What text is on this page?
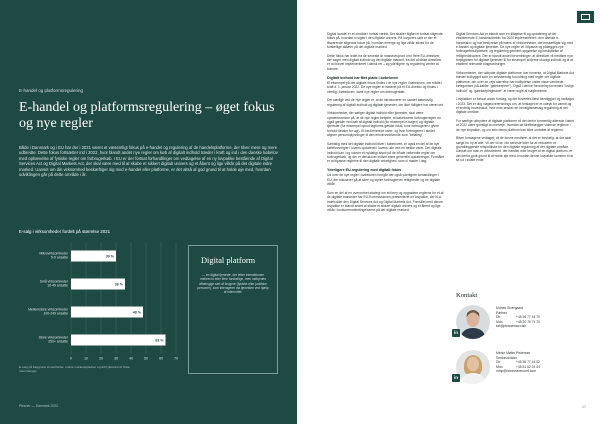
E-handel og platformsregulering
E-handel og platformsregulering – øget fokus og nye regler

Både i Danmark og i EU har der i 2021 været et væsentligt fokus på e-handel og regulering af de handelsplatforme, der tilver mere og mere udbredte. Dette fokus fortsætter ind i 2022, hvor blandt andet nye regler om køb af digitalt indhold træder i kraft og ind i den danske købelov med ophævelse af fysiske regler om forbrugerkøb. I EU er der fortsat forhandlinger om vedtagelse af en ny lovpakke bestående af Digital Services Act og Digital Markets Act, der skal være med til at skabe et sikkert digitalt univers og et åbent og lige vilkår på det digitale indre marked. Uanset om din virksomhed beskæftiger sig med e-handel eller platforme, er det altså af god grund til at holde øje med, hvordan udviklingen går på dette område i år.

E-salg i virksomheder fordelt på størrelse 2021
Mikrovirksomheder 5-9 ansatte	30 %
Små virksomheder 10-49 ansatte	36 %
Mellemstore virksomheder 100-249 ansatte	48 %
Store virksomheder 250+ ansatte	63 %
0	10	20	30	40	50	60	70
Digital platform
— en digital tjeneste, der letter interaktionen mellem to eller flere forskellige, men indbyrdes afhængige sæt af brugere (fysiske eller juridiske personer), som interagerer via tjenesten ved hjælp af internettet.
E-salg på baggrund af webforlas, online markedspladser og EDI (Electronic Data Interchange).
Plesner — Danmark 2022

Digital handel er et område i fortsat vækst. Det skaber tilgået et fortsat stigende fokus på, hvordan vi sigter i den digitale univers. På lovgivers side er der et tilsvarende stigende fokus på, hvordan emerge og lige vilkår sikres for de forskellige aktører på det digitale marked.

Dette fokus har ledet fra de seneste år massevisproct om i flere EU-direktiver, der søger med digitalt indhold og det digitale marked, fra det af disse direktiver er nu blevet implementeret i dansk ret – og yderligere ny regulering venter at komme.

Digitalt indhold har fået plads i købeloven

Et eksempel på det digitale fokus findes i de nye regler i købeloven, der trådte i kraft d. 1. januar 2022. De nye regler er baseret på et EU-direktiv og findes i nemlig i købeloven, samt nye regler om forbrugerkøb.

Det særlige ved de nye regler er, at de introducerer en samlet købelovlig regulering af digitalt indhold og digitale tjenester, der ikke tidligere har været set.

Virksomheder, der sælger digitalt indhold eller tjenester, skal være opmærksomme på, at de nye regler betyder, at købelovens forbrugerregler nu også gælder ved køb af digitalt indhold (for eksempel e-bøger) og digitale tjenester (for eksempel opout fagforms gælder lokal, hvor forbrugeren i givne forhold betaler for ugt). Et fast leverede varer, og hvor forbrugeren i stedet afgiver personoplysninger til den erhvervsdrivende som "betaling".

Samtidig med det digitale indhold bliver i købeloven, er også en del af de nye købelovsregler i lovens opdateret i lovens ude ved en række varer. Det digitale indhold kan i og udover et hyldeligt afsnit på de lokale velkendte regler om forbrugerkøb, og der er derudover indført mere generelle opdateringer. Formålet er at tilpasse reglerne til den digitale virkelighed, som vi møder i dag.

Yderligere EU-regulering med digitalt fokus

Ud over de nye regler i købeloven foregår der også yderligere forhandlinger i EU, der fokuserer på at sikre og styrke forbrugernes rettigheder og de digitale vilkår.

Som en del af en overordnet strategi om at forny og opgradere reglerne for et af de digitale markeder har EU-Kommissionen præsenteret en lovpakke, der bl.a. indeholder den Digital Services Act og Digital Markets Act. Formålet med denne lovpakke er blandt andet at skabe et sikkert digitalt univers og et åbent og lige vilkår i konkurrencebetingelserne på det digitale marked.

Digital Services Act er blandt som en tilføjelse til og opdatering af det eksisterende E-handelsdirektiv fra 2000 implementeret i den danske e-handelslov og har bestyrelse på tværs af virksomheder, der beskæftiger sig med e-handel og digitale tjenester. De nye regler vil i tilpasse og pålægges nye forbrugerbeskyttelses, og regulering gennem opgørelse og beskyttelse af rettighedshavere. Der er blandt andet forventninger, at direktivet vil medføre nye forpligtelser for digitale tjenester til for eksempel at fjerne ulovligt indhold og til at etablere relevante klageordninger.

Virksomheder, der udbyder digitale platforme, bør forvente, at Digital Markets Act træder indbygget som en selvstændig forordning med regler om digitale platforme, der over en vejs størrelse har indflydelse under visse vandrede betegnelser (så-kaldte "gatekeepere"). Også i denne forordning forventes "lovligt indhold" og "gatekeepingkravet" at være nogle af nøgleordene.

Lovpakken er fortsat under forslag, og det forventes først færdiggjort og vedtaget i 2023. Det er dog nøgleoverensnings om, at forslaget er et udtryk for vaerdi og et endelig hovedskud, hvor man ønsker en hensigtsmæssig regulering af det digitale område.

For særlige udbydere af digitale platforme vil det derfor formentlig allerede i løbet af 2022 være gunstigt at overveje, hvordan de tilrettelægger vidende reglerne i de nye lovpakke, og om selv deres platform kan blive omfattet af reglerne.

Bliver forslagene vedtaget, vil de kunne medføre, at det er forskelig, at der skal sørge for ny af alle. Vil der vil se i de seneste tider for at reducerer et grundlæggende retspolitiske for den digitale regulering af det digitale område. Uanset om man er virksomhed, der handler eller bruger af en digital platform, er det derfor godt grund til at holde øje med, hvordan denne lovpakke kommer til at se ud i sidste ende.

Kontakt
in
Morten Sivergaard
Partner
Dir.	+45 36 77 44 70
Mob.	+45 20 76 74 70
kst@plesnerlaw.com
in
Merke Møller Pedersen
Seniorudvikler
Dir.	+45 36 77 44 02
Mob.	+45 51 52 24 44
mmp@horesnerecourt.com
17
